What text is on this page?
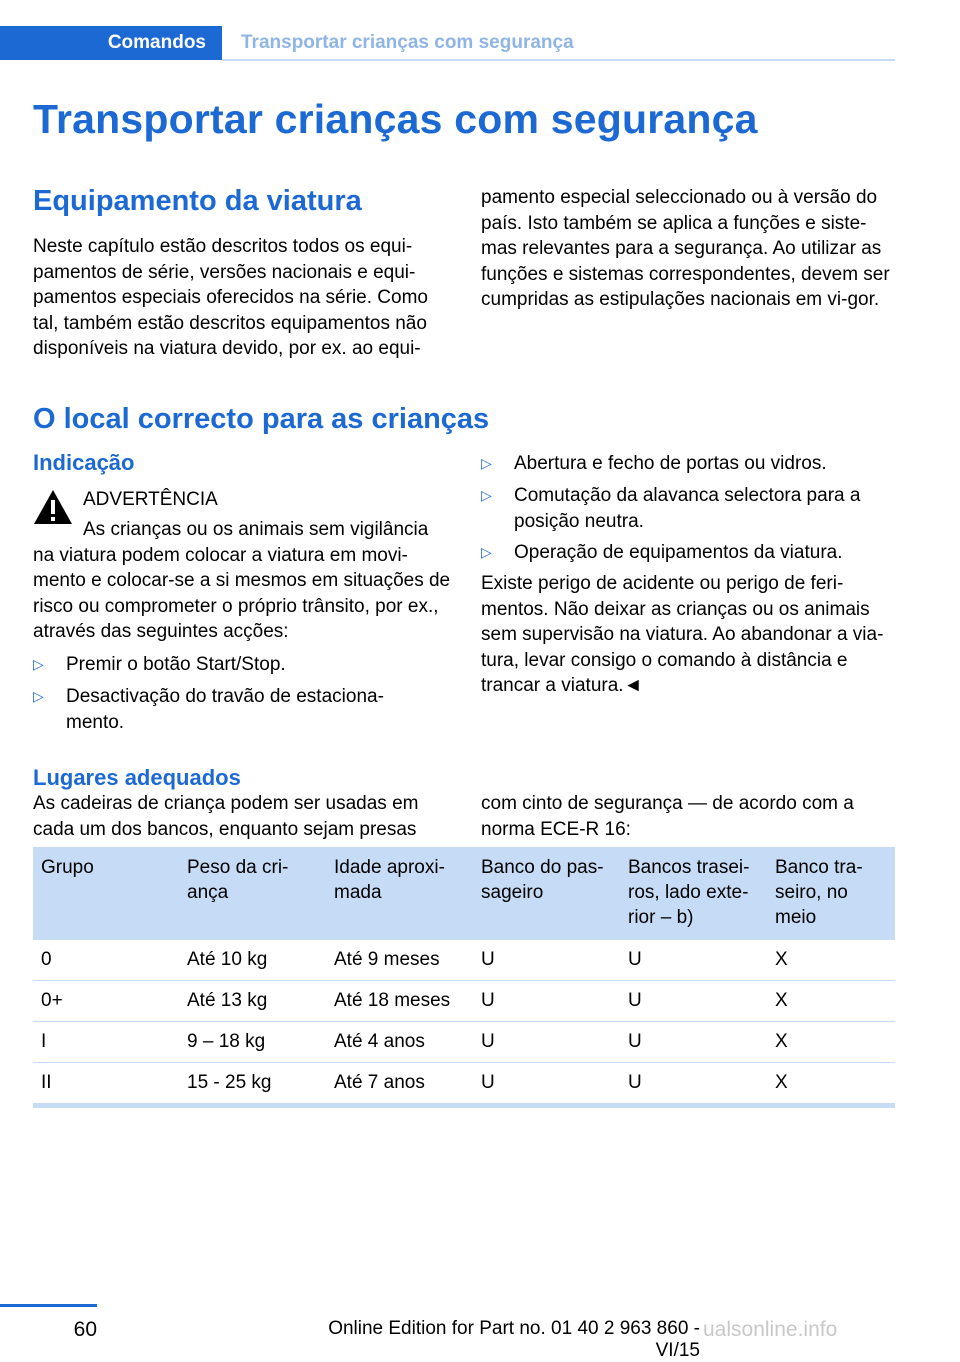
Comandos	Transportar crianças com segurança
Transportar crianças com segurança
Equipamento da viatura

Neste capítulo estão descritos todos os equi-pamentos de série, versões nacionais e equi-pamentos especiais oferecidos na série. Como tal, também estão descritos equipamentos não disponíveis na viatura devido, por ex. ao equi-

pamento especial seleccionado ou à versão do país. Isto também se aplica a funções e siste-mas relevantes para a segurança. Ao utilizar as funções e sistemas correspondentes, devem ser cumpridas as estipulações nacionais em vi-gor.

O local correcto para as crianças
Indicação
ADVERTÊNCIA

As crianças ou os animais sem vigilância na viatura podem colocar a viatura em movi-mento e colocar-se a si mesmos em situações de risco ou comprometer o próprio trânsito, por ex., através das seguintes acções:

▷ Premir o botão Start/Stop.
▷ Desactivação do travão de estaciona-mento.
▷ Abertura e fecho de portas ou vidros.
▷ Comutação da alavanca selectora para a posição neutra.
▷ Operação de equipamentos da viatura.

Existe perigo de acidente ou perigo de feri-mentos. Não deixar as crianças ou os animais sem supervisão na viatura. Ao abandonar a via-tura, levar consigo o comando à distância e trancar a viatura.◄

Lugares adequados

As cadeiras de criança podem ser usadas em cada um dos bancos, enquanto sejam presas

com cinto de segurança — de acordo com a norma ECE-R 16:

Grupo	Peso da cri-ança	Idade aproxi-mada	Banco do pas-sageiro	Bancos trasei-ros, lado exte-rior – b)	Banco tra-seiro, no meio
0	Até 10 kg	Até 9 meses	U	U	X
0+	Até 13 kg	Até 18 meses	U	U	X
I	9 – 18 kg	Até 4 anos	U	U	X
II	15 - 25 kg	Até 7 anos	U	U	X
60	Online Edition for Part no. 01 40 2 963 860 - VI/15
ualsonline.info
